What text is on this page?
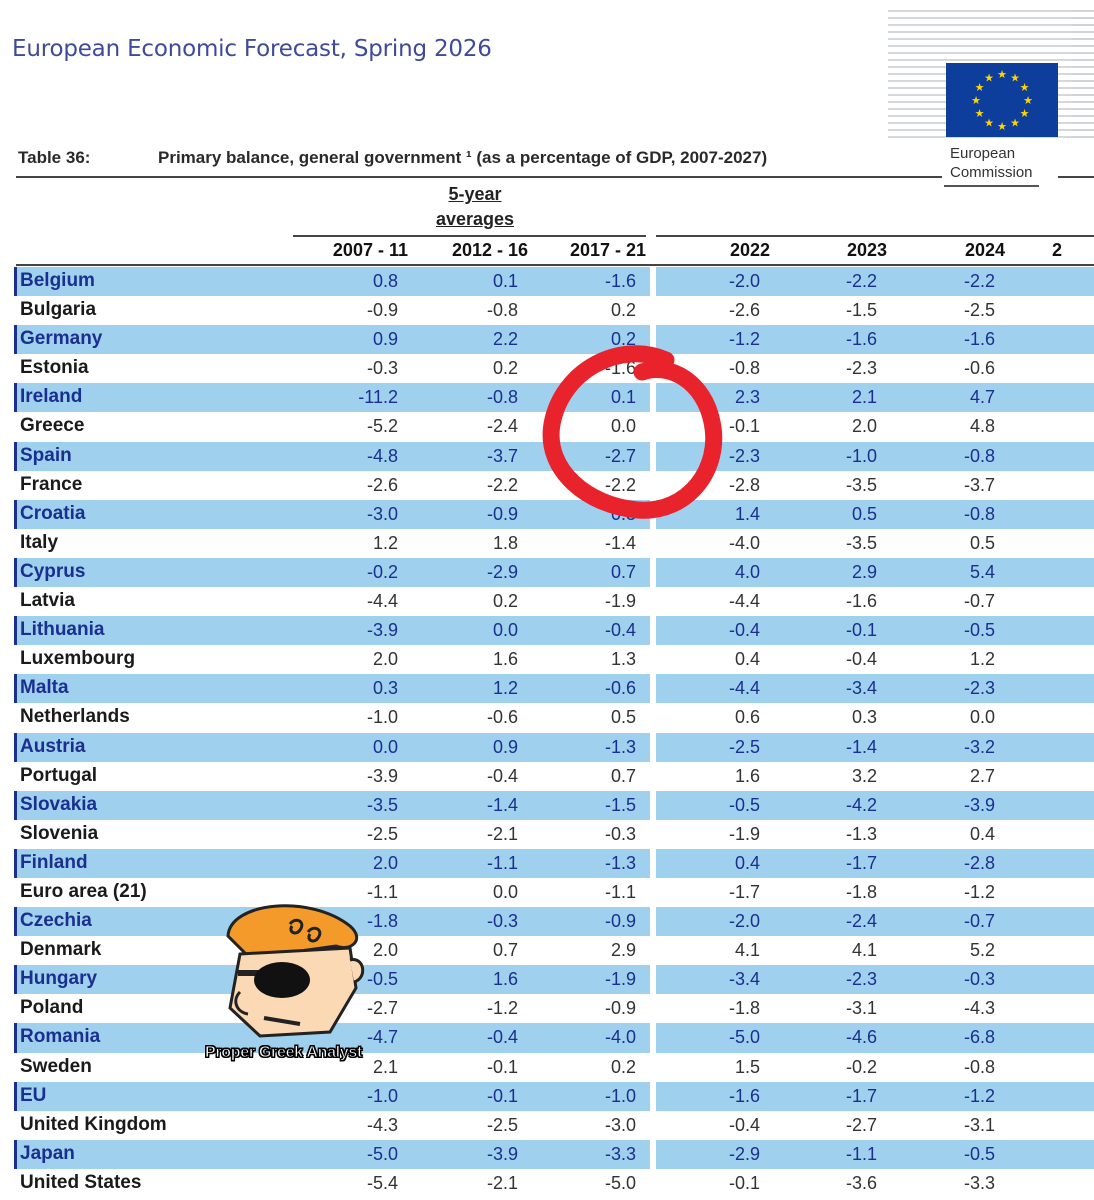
European Economic Forecast, Spring 2026
★ ★
★
★
★
★
★
★
★
★
★
★
European
Commission
Table 36:	Primary balance, general government ¹ (as a percentage of GDP, 2007-2027)
5-year
averages
2007 - 11	2012 - 16	2017 - 21	2022	2023	2024	2
Belgium	0.8	0.1	-1.6	-2.0	-2.2	-2.2
Bulgaria	-0.9	-0.8	0.2	-2.6	-1.5	-2.5
Germany	0.9	2.2	0.2	-1.2	-1.6	-1.6
Estonia	-0.3	0.2	-1.6	-0.8	-2.3	-0.6
Ireland	-11.2	-0.8	0.1	2.3	2.1	4.7
Greece	-5.2	-2.4	0.0	-0.1	2.0	4.8
Spain	-4.8	-3.7	-2.7	-2.3	-1.0	-0.8
France	-2.6	-2.2	-2.2	-2.8	-3.5	-3.7
Croatia	-3.0	-0.9	0.3	1.4	0.5	-0.8
Italy	1.2	1.8	-1.4	-4.0	-3.5	0.5
Cyprus	-0.2	-2.9	0.7	4.0	2.9	5.4
Latvia	-4.4	0.2	-1.9	-4.4	-1.6	-0.7
Lithuania	-3.9	0.0	-0.4	-0.4	-0.1	-0.5
Luxembourg	2.0	1.6	1.3	0.4	-0.4	1.2
Malta	0.3	1.2	-0.6	-4.4	-3.4	-2.3
Netherlands	-1.0	-0.6	0.5	0.6	0.3	0.0
Austria	0.0	0.9	-1.3	-2.5	-1.4	-3.2
Portugal	-3.9	-0.4	0.7	1.6	3.2	2.7
Slovakia	-3.5	-1.4	-1.5	-0.5	-4.2	-3.9
Slovenia	-2.5	-2.1	-0.3	-1.9	-1.3	0.4
Finland	2.0	-1.1	-1.3	0.4	-1.7	-2.8
Euro area (21)	-1.1	0.0	-1.1	-1.7	-1.8	-1.2
Czechia	-1.8	-0.3	-0.9	-2.0	-2.4	-0.7
Denmark	2.0	0.7	2.9	4.1	4.1	5.2
Hungary	-0.5	1.6	-1.9	-3.4	-2.3	-0.3
Poland	-2.7	-1.2	-0.9	-1.8	-3.1	-4.3
Romania	-4.7	-0.4	-4.0	-5.0	-4.6	-6.8
Sweden	2.1	-0.1	0.2	1.5	-0.2	-0.8
EU	-1.0	-0.1	-1.0	-1.6	-1.7	-1.2
United Kingdom	-4.3	-2.5	-3.0	-0.4	-2.7	-3.1
Japan	-5.0	-3.9	-3.3	-2.9	-1.1	-0.5
United States	-5.4	-2.1	-5.0	-0.1	-3.6	-3.3
Proper Greek Analyst
